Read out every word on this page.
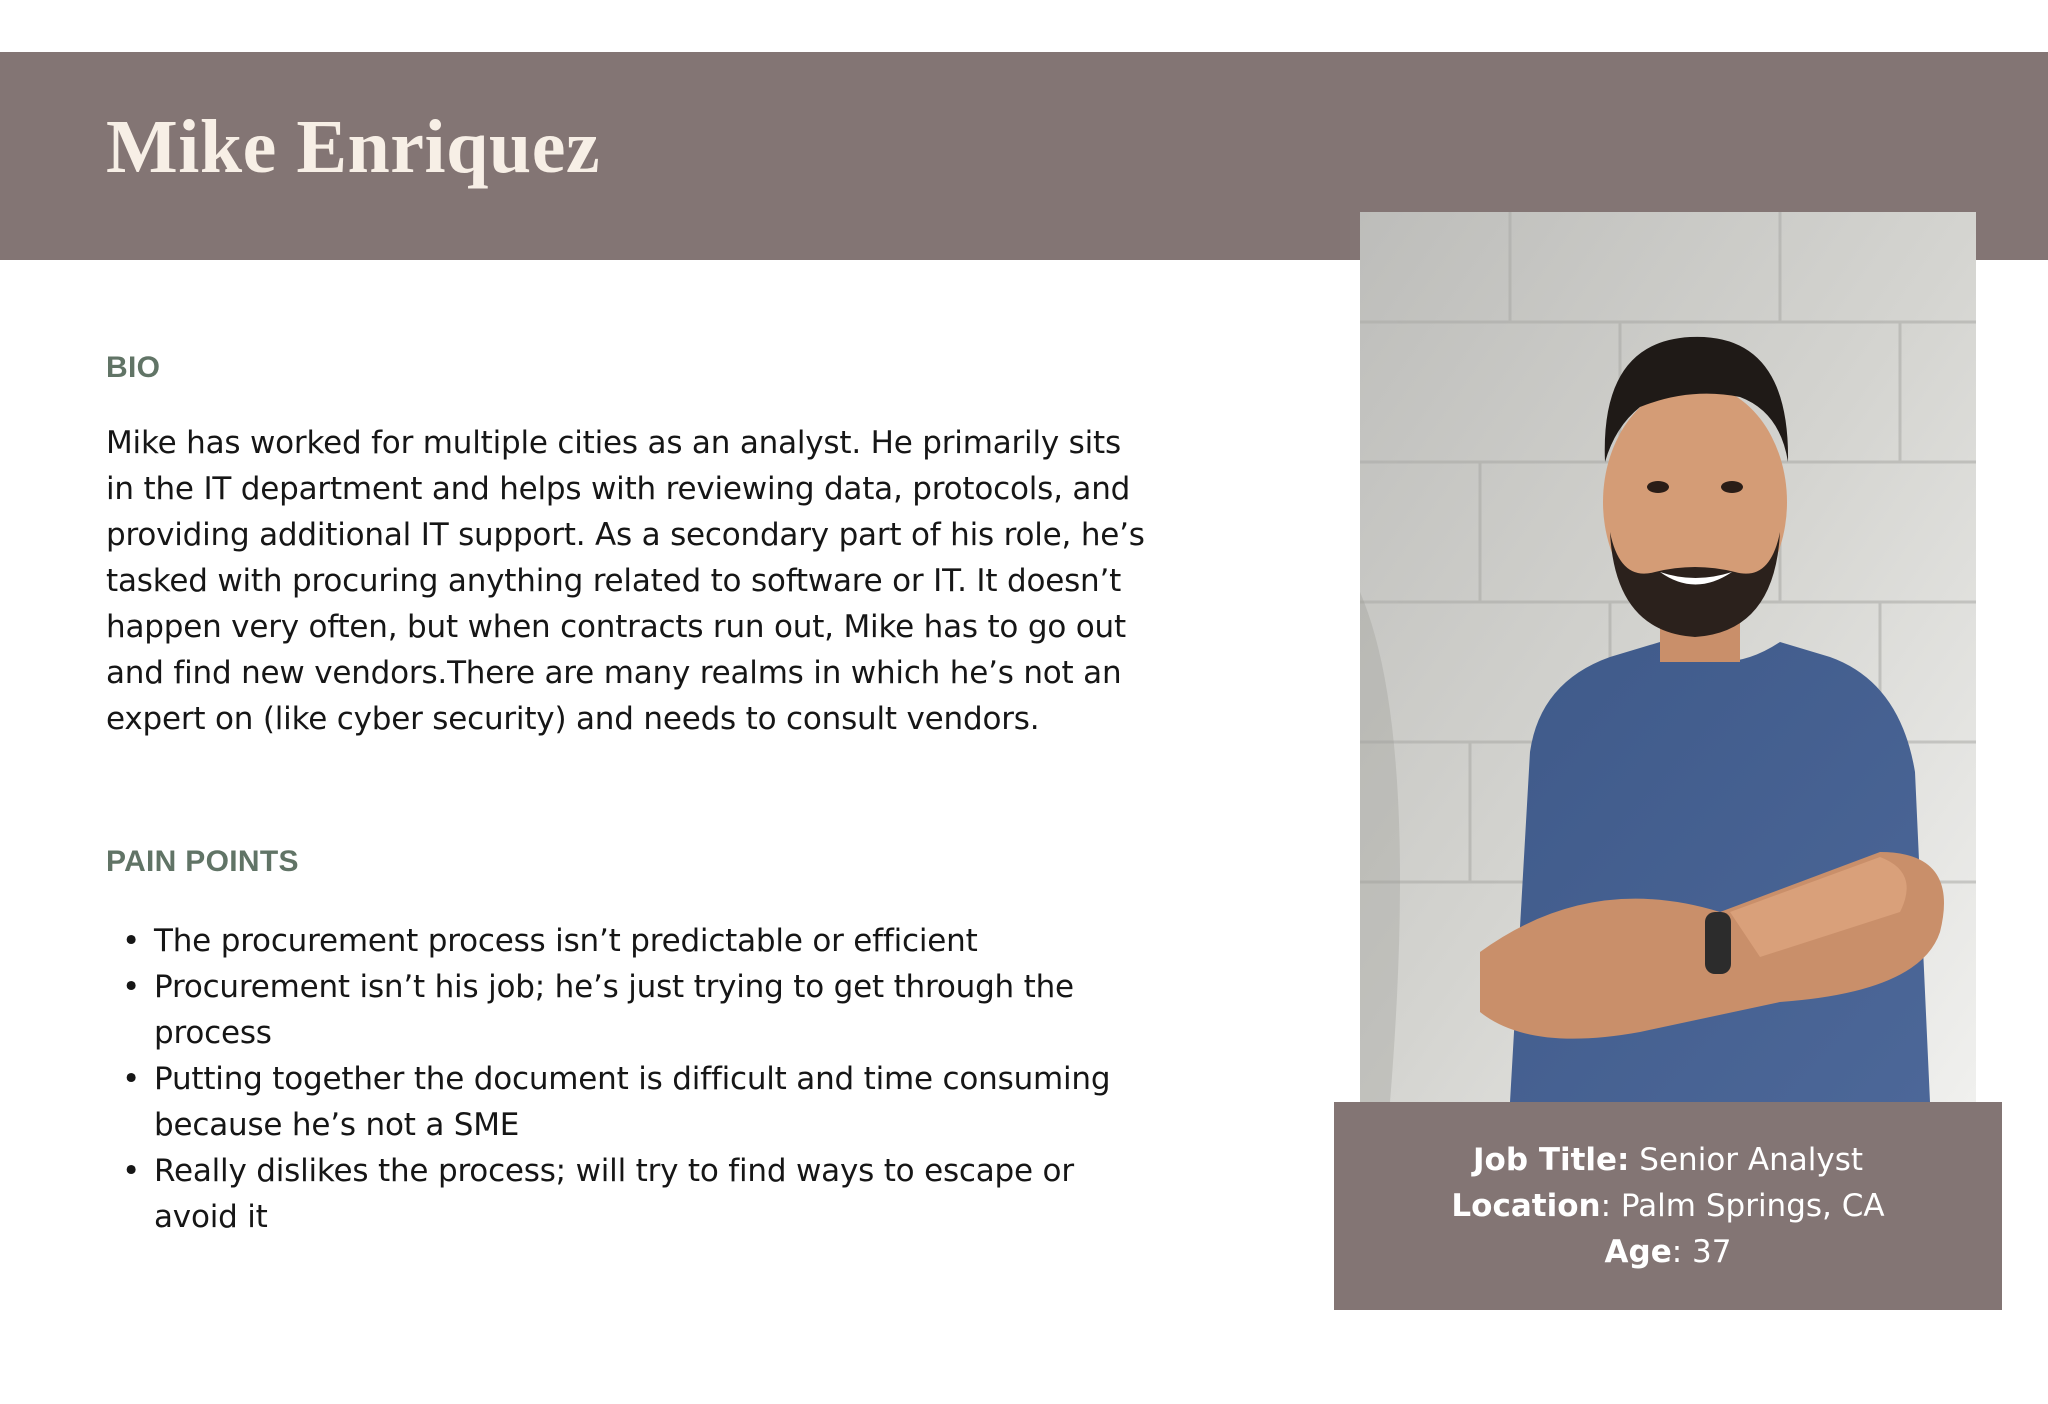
Mike Enriquez
BIO

Mike has worked for multiple cities as an analyst. He primarily sits in the IT department and helps with reviewing data, protocols, and providing additional IT support. As a secondary part of his role, he’s tasked with procuring anything related to software or IT. It doesn’t happen very often, but when contracts run out, Mike has to go out and find new vendors.There are many realms in which he’s not an expert on (like cyber security) and needs to consult vendors.

PAIN POINTS
• The procurement process isn’t predictable or efficient
• Procurement isn’t his job; he’s just trying to get through the process
• Putting together the document is difficult and time consuming because he’s not a SME
• Really dislikes the process; will try to find ways to escape or avoid it
Job Title: Senior Analyst
Location: Palm Springs, CA
Age: 37
